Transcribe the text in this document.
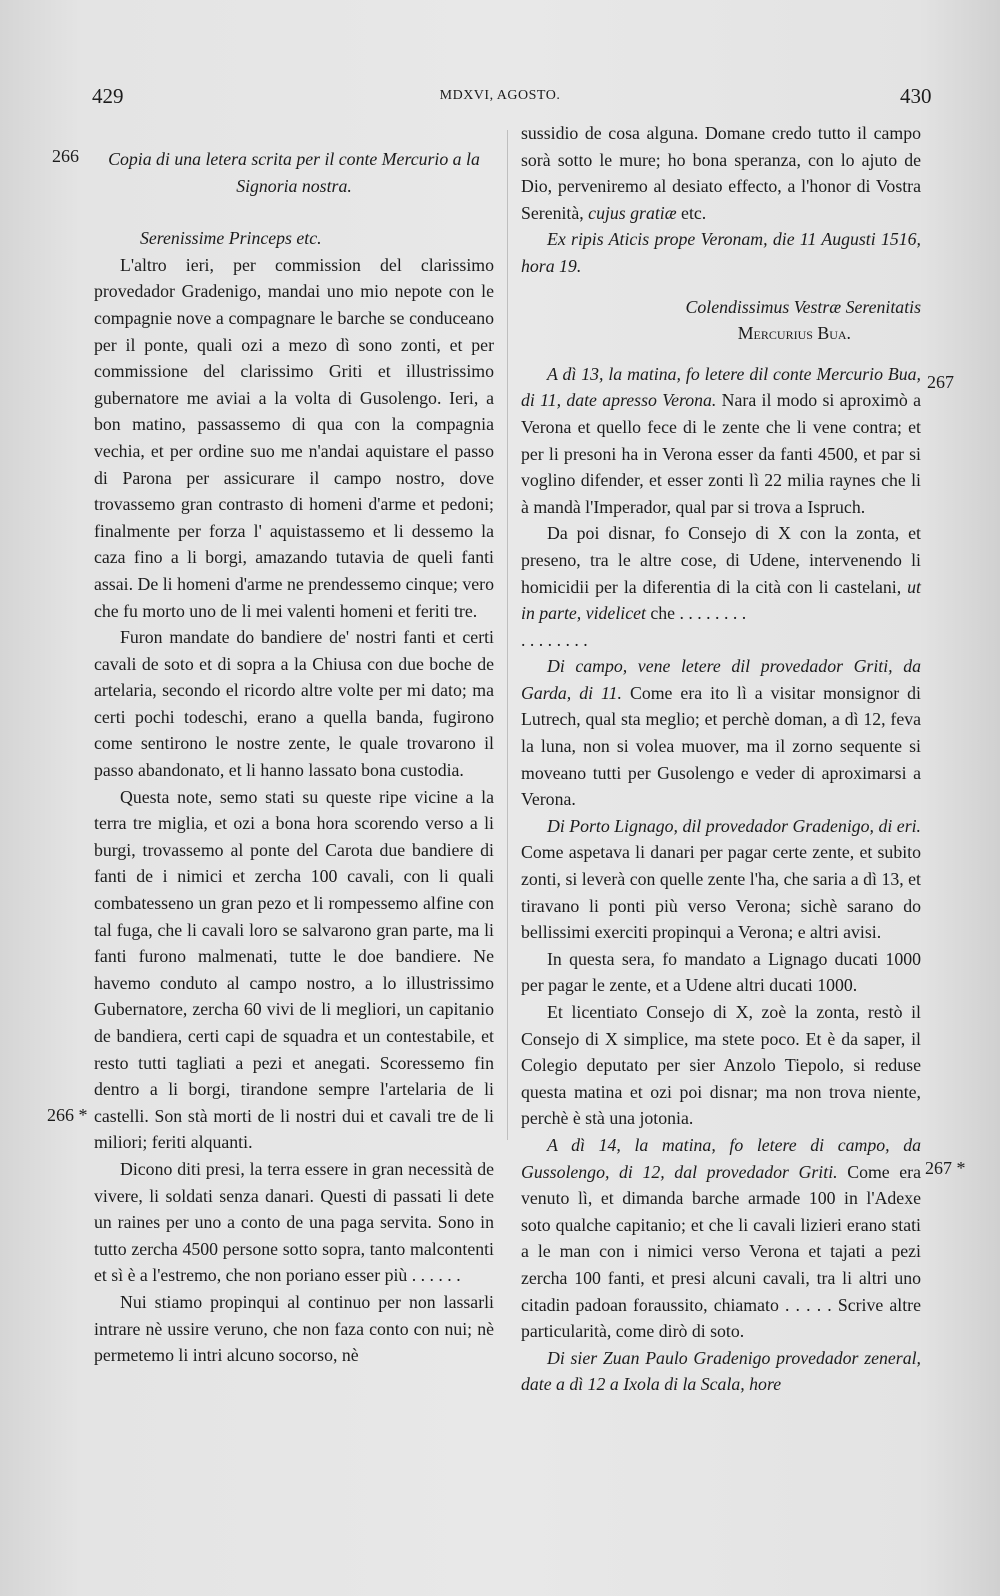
429	MDXVI, AGOSTO.	430
266
266 *
267
267 *

Copia di una letera scrita per il conte Mercurio a la Signoria nostra.

Serenissime Princeps etc.

L'altro ieri, per commission del clarissimo provedador Gradenigo, mandai uno mio nepote con le compagnie nove a compagnare le barche se conduceano per il ponte, quali ozi a mezo dì sono zonti, et per commissione del clarissimo Griti et illustrissimo gubernatore me aviai a la volta di Gusolengo. Ieri, a bon matino, passassemo di qua con la compagnia vechia, et per ordine suo me n'andai aquistare el passo di Parona per assicurare il campo nostro, dove trovassemo gran contrasto di homeni d'arme et pedoni; finalmente per forza l' aquistassemo et li dessemo la caza fino a li borgi, amazando tutavia de queli fanti assai. De li homeni d'arme ne prendessemo cinque; vero che fu morto uno de li mei valenti homeni et feriti tre.

Furon mandate do bandiere de' nostri fanti et certi cavali de soto et di sopra a la Chiusa con due boche de artelaria, secondo el ricordo altre volte per mi dato; ma certi pochi todeschi, erano a quella banda, fugirono come sentirono le nostre zente, le quale trovarono il passo abandonato, et li hanno lassato bona custodia.

Questa note, semo stati su queste ripe vicine a la terra tre miglia, et ozi a bona hora scorendo verso a li burgi, trovassemo al ponte del Carota due bandiere di fanti de i nimici et zercha 100 cavali, con li quali combatesseno un gran pezo et li rompessemo alfine con tal fuga, che li cavali loro se salvarono gran parte, ma li fanti furono malmenati, tutte le doe bandiere. Ne havemo conduto al campo nostro, a lo illustrissimo Gubernatore, zercha 60 vivi de li megliori, un capitanio de bandiera, certi capi de squadra et un contestabile, et resto tutti tagliati a pezi et anegati. Scoressemo fin dentro a li borgi, tirandone sempre l'artelaria de li castelli. Son stà morti de li nostri dui et cavali tre de li miliori; feriti alquanti.

Dicono diti presi, la terra essere in gran necessità de vivere, li soldati senza danari. Questi di passati li dete un raines per uno a conto de una paga servita. Sono in tutto zercha 4500 persone sotto sopra, tanto malcontenti et sì è a l'estremo, che non poriano esser più . . . . . .

Nui stiamo propinqui al continuo per non lassarli intrare nè ussire veruno, che non faza conto con nui; nè permetemo li intri alcuno socorso, nè

sussidio de cosa alguna. Domane credo tutto il campo sorà sotto le mure; ho bona speranza, con lo ajuto de Dio, perveniremo al desiato effecto, a l'honor di Vostra Serenità, cujus gratiæ etc.

Ex ripis Aticis prope Veronam, die 11 Augusti 1516, hora 19.

Colendissimus Vestræ Serenitatis

Mercurius Bua.

A dì 13, la matina, fo letere dil conte Mercurio Bua, di 11, date apresso Verona. Nara il modo si aproximò a Verona et quello fece di le zente che li vene contra; et per li presoni ha in Verona esser da fanti 4500, et par si voglino difender, et esser zonti lì 22 milia raynes che li à mandà l'Imperador, qual par si trova a Ispruch.

Da poi disnar, fo Consejo di X con la zonta, et preseno, tra le altre cose, di Udene, intervenendo li homicidii per la diferentia di la cità con li castelani, ut in parte, videlicet che . . . . . . . .

. . . . . . . .

Di campo, vene letere dil provedador Griti, da Garda, di 11. Come era ito lì a visitar monsignor di Lutrech, qual sta meglio; et perchè doman, a dì 12, feva la luna, non si volea muover, ma il zorno sequente si moveano tutti per Gusolengo e veder di aproximarsi a Verona.

Di Porto Lignago, dil provedador Gradenigo, di eri. Come aspetava li danari per pagar certe zente, et subito zonti, si leverà con quelle zente l'ha, che saria a dì 13, et tiravano li ponti più verso Verona; sichè sarano do bellissimi exerciti propinqui a Verona; e altri avisi.

In questa sera, fo mandato a Lignago ducati 1000 per pagar le zente, et a Udene altri ducati 1000.

Et licentiato Consejo di X, zoè la zonta, restò il Consejo di X simplice, ma stete poco. Et è da saper, il Colegio deputato per sier Anzolo Tiepolo, si reduse questa matina et ozi poi disnar; ma non trova niente, perchè è stà una jotonia.

A dì 14, la matina, fo letere di campo, da Gussolengo, di 12, dal provedador Griti. Come era venuto lì, et dimanda barche armade 100 in l'Adexe soto qualche capitanio; et che li cavali lizieri erano stati a le man con i nimici verso Verona et tajati a pezi zercha 100 fanti, et presi alcuni cavali, tra li altri uno citadin padoan foraussito, chiamato . . . . . Scrive altre particularità, come dirò di soto.

Di sier Zuan Paulo Gradenigo provedador zeneral, date a dì 12 a Ixola di la Scala, hore
